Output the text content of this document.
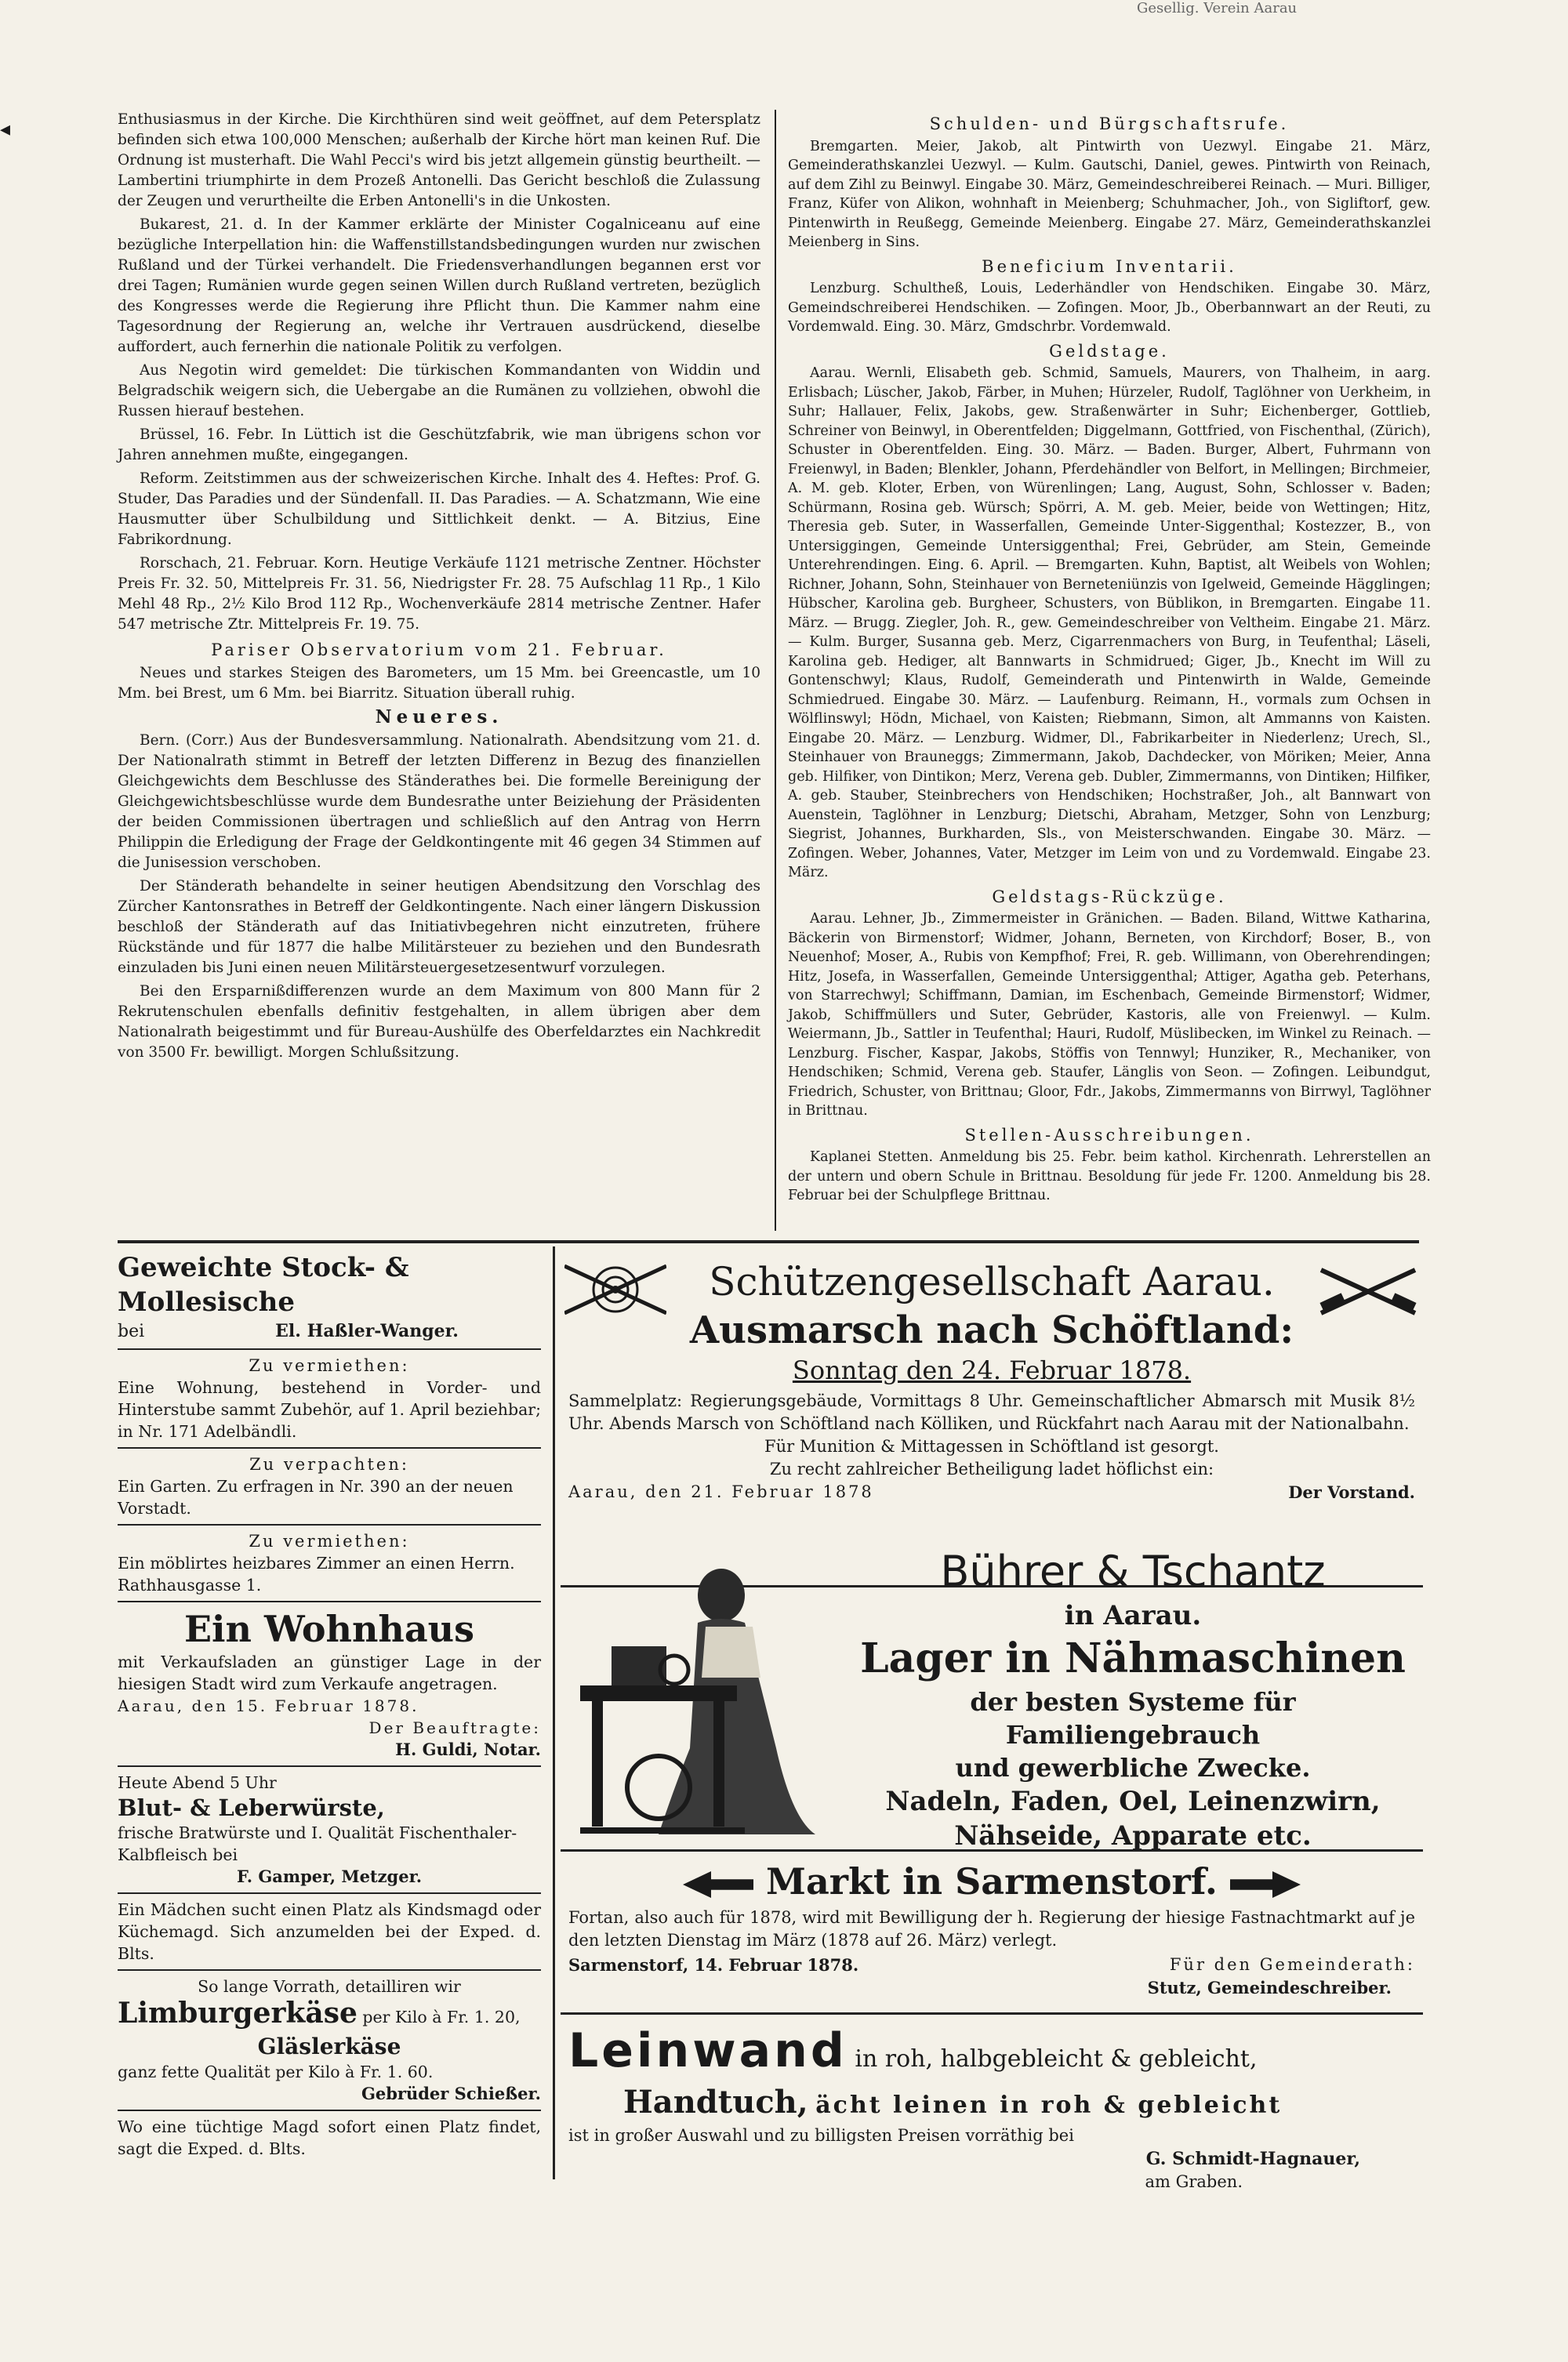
Gesellig. Verein Aarau
◂	Enthusiasmus in der Kirche. Die Kirchthüren sind weit geöffnet, auf dem Petersplatz befinden sich etwa 100,000 Menschen; außerhalb der Kirche hört man keinen Ruf. Die Ordnung ist musterhaft. Die Wahl Pecci's wird bis jetzt allgemein günstig beurtheilt. — Lambertini triumphirte in dem Prozeß Antonelli. Das Gericht beschloß die Zulassung der Zeugen und verurtheilte die Erben Antonelli's in die Unkosten.

Bukarest, 21. d. In der Kammer erklärte der Minister Cogalniceanu auf eine bezügliche Interpellation hin: die Waffenstillstandsbedingungen wurden nur zwischen Rußland und der Türkei verhandelt. Die Friedensverhandlungen begannen erst vor drei Tagen; Rumänien wurde gegen seinen Willen durch Rußland vertreten, bezüglich des Kongresses werde die Regierung ihre Pflicht thun. Die Kammer nahm eine Tagesordnung der Regierung an, welche ihr Vertrauen ausdrückend, dieselbe auffordert, auch fernerhin die nationale Politik zu verfolgen.

Aus Negotin wird gemeldet: Die türkischen Kommandanten von Widdin und Belgradschik weigern sich, die Uebergabe an die Rumänen zu vollziehen, obwohl die Russen hierauf bestehen.

Brüssel, 16. Febr. In Lüttich ist die Geschützfabrik, wie man übrigens schon vor Jahren annehmen mußte, eingegangen.

Reform. Zeitstimmen aus der schweizerischen Kirche. Inhalt des 4. Heftes: Prof. G. Studer, Das Paradies und der Sündenfall. II. Das Paradies. — A. Schatzmann, Wie eine Hausmutter über Schulbildung und Sittlichkeit denkt. — A. Bitzius, Eine Fabrikordnung.

Rorschach, 21. Februar. Korn. Heutige Verkäufe 1121 metrische Zentner. Höchster Preis Fr. 32. 50, Mittelpreis Fr. 31. 56, Niedrigster Fr. 28. 75 Aufschlag 11 Rp., 1 Kilo Mehl 48 Rp., 2½ Kilo Brod 112 Rp., Wochenverkäufe 2814 metrische Zentner. Hafer 547 metrische Ztr. Mittelpreis Fr. 19. 75.

Pariser Observatorium vom 21. Februar.

Neues und starkes Steigen des Barometers, um 15 Mm. bei Greencastle, um 10 Mm. bei Brest, um 6 Mm. bei Biarritz. Situation überall ruhig.

Neueres.

Bern. (Corr.) Aus der Bundesversammlung. Nationalrath. Abendsitzung vom 21. d. Der Nationalrath stimmt in Betreff der letzten Differenz in Bezug des finanziellen Gleichgewichts dem Beschlusse des Ständerathes bei. Die formelle Bereinigung der Gleichgewichtsbeschlüsse wurde dem Bundesrathe unter Beiziehung der Präsidenten der beiden Commissionen übertragen und schließlich auf den Antrag von Herrn Philippin die Erledigung der Frage der Geldkontingente mit 46 gegen 34 Stimmen auf die Junisession verschoben.

Der Ständerath behandelte in seiner heutigen Abendsitzung den Vorschlag des Zürcher Kantonsrathes in Betreff der Geldkontingente. Nach einer längern Diskussion beschloß der Ständerath auf das Initiativbegehren nicht einzutreten, frühere Rückstände und für 1877 die halbe Militärsteuer zu beziehen und den Bundesrath einzuladen bis Juni einen neuen Militärsteuergesetzesentwurf vorzulegen.

Bei den Ersparnißdifferenzen wurde an dem Maximum von 800 Mann für 2 Rekrutenschulen ebenfalls definitiv festgehalten, in allem übrigen aber dem Nationalrath beigestimmt und für Bureau-Aushülfe des Oberfeldarztes ein Nachkredit von 3500 Fr. bewilligt. Morgen Schlußsitzung.

Schulden- und Bürgschaftsrufe.

Bremgarten. Meier, Jakob, alt Pintwirth von Uezwyl. Eingabe 21. März, Gemeinderathskanzlei Uezwyl. — Kulm. Gautschi, Daniel, gewes. Pintwirth von Reinach, auf dem Zihl zu Beinwyl. Eingabe 30. März, Gemeindeschreiberei Reinach. — Muri. Billiger, Franz, Küfer von Alikon, wohnhaft in Meienberg; Schuhmacher, Joh., von Sigliftorf, gew. Pintenwirth in Reußegg, Gemeinde Meienberg. Eingabe 27. März, Gemeinderathskanzlei Meienberg in Sins.

Beneficium Inventarii.

Lenzburg. Schultheß, Louis, Lederhändler von Hendschiken. Eingabe 30. März, Gemeindschreiberei Hendschiken. — Zofingen. Moor, Jb., Oberbannwart an der Reuti, zu Vordemwald. Eing. 30. März, Gmdschrbr. Vordemwald.

Geldstage.

Aarau. Wernli, Elisabeth geb. Schmid, Samuels, Maurers, von Thalheim, in aarg. Erlisbach; Lüscher, Jakob, Färber, in Muhen; Hürzeler, Rudolf, Taglöhner von Uerkheim, in Suhr; Hallauer, Felix, Jakobs, gew. Straßenwärter in Suhr; Eichenberger, Gottlieb, Schreiner von Beinwyl, in Oberentfelden; Diggelmann, Gottfried, von Fischenthal, (Zürich), Schuster in Oberentfelden. Eing. 30. März. — Baden. Burger, Albert, Fuhrmann von Freienwyl, in Baden; Blenkler, Johann, Pferdehändler von Belfort, in Mellingen; Birchmeier, A. M. geb. Kloter, Erben, von Würenlingen; Lang, August, Sohn, Schlosser v. Baden; Schürmann, Rosina geb. Würsch; Spörri, A. M. geb. Meier, beide von Wettingen; Hitz, Theresia geb. Suter, in Wasserfallen, Gemeinde Unter-Siggenthal; Kostezzer, B., von Untersiggingen, Gemeinde Untersiggenthal; Frei, Gebrüder, am Stein, Gemeinde Unterehrendingen. Eing. 6. April. — Bremgarten. Kuhn, Baptist, alt Weibels von Wohlen; Richner, Johann, Sohn, Steinhauer von Berneteniünzis von Igelweid, Gemeinde Hägglingen; Hübscher, Karolina geb. Burgheer, Schusters, von Büblikon, in Bremgarten. Eingabe 11. März. — Brugg. Ziegler, Joh. R., gew. Gemeindeschreiber von Veltheim. Eingabe 21. März. — Kulm. Burger, Susanna geb. Merz, Cigarrenmachers von Burg, in Teufenthal; Läseli, Karolina geb. Hediger, alt Bannwarts in Schmidrued; Giger, Jb., Knecht im Will zu Gontenschwyl; Klaus, Rudolf, Gemeinderath und Pintenwirth in Walde, Gemeinde Schmiedrued. Eingabe 30. März. — Laufenburg. Reimann, H., vormals zum Ochsen in Wölflinswyl; Hödn, Michael, von Kaisten; Riebmann, Simon, alt Ammanns von Kaisten. Eingabe 20. März. — Lenzburg. Widmer, Dl., Fabrikarbeiter in Niederlenz; Urech, Sl., Steinhauer von Brauneggs; Zimmermann, Jakob, Dachdecker, von Möriken; Meier, Anna geb. Hilfiker, von Dintikon; Merz, Verena geb. Dubler, Zimmermanns, von Dintiken; Hilfiker, A. geb. Stauber, Steinbrechers von Hendschiken; Hochstraßer, Joh., alt Bannwart von Auenstein, Taglöhner in Lenzburg; Dietschi, Abraham, Metzger, Sohn von Lenzburg; Siegrist, Johannes, Burkharden, Sls., von Meisterschwanden. Eingabe 30. März. — Zofingen. Weber, Johannes, Vater, Metzger im Leim von und zu Vordemwald. Eingabe 23. März.

Geldstags-Rückzüge.

Aarau. Lehner, Jb., Zimmermeister in Gränichen. — Baden. Biland, Wittwe Katharina, Bäckerin von Birmenstorf; Widmer, Johann, Berneten, von Kirchdorf; Boser, B., von Neuenhof; Moser, A., Rubis von Kempfhof; Frei, R. geb. Willimann, von Oberehrendingen; Hitz, Josefa, in Wasserfallen, Gemeinde Untersiggenthal; Attiger, Agatha geb. Peterhans, von Starrechwyl; Schiffmann, Damian, im Eschenbach, Gemeinde Birmenstorf; Widmer, Jakob, Schiffmüllers und Suter, Gebrüder, Kastoris, alle von Freienwyl. — Kulm. Weiermann, Jb., Sattler in Teufenthal; Hauri, Rudolf, Müslibecken, im Winkel zu Reinach. — Lenzburg. Fischer, Kaspar, Jakobs, Stöffis von Tennwyl; Hunziker, R., Mechaniker, von Hendschiken; Schmid, Verena geb. Staufer, Länglis von Seon. — Zofingen. Leibundgut, Friedrich, Schuster, von Brittnau; Gloor, Fdr., Jakobs, Zimmermanns von Birrwyl, Taglöhner in Brittnau.

Stellen-Ausschreibungen.

Kaplanei Stetten. Anmeldung bis 25. Febr. beim kathol. Kirchenrath. Lehrerstellen an der untern und obern Schule in Brittnau. Besoldung für jede Fr. 1200. Anmeldung bis 28. Februar bei der Schulpflege Brittnau.

Geweichte Stock- & Mollesische
bei	El. Haßler-Wanger.
Zu vermiethen:
Eine Wohnung, bestehend in Vorder- und Hinterstube sammt Zubehör, auf 1. April beziehbar; in Nr. 171 Adelbändli.
Zu verpachten:
Ein Garten. Zu erfragen in Nr. 390 an der neuen Vorstadt.
Zu vermiethen:
Ein möblirtes heizbares Zimmer an einen Herrn. Rathhausgasse 1.
Ein Wohnhaus
mit Verkaufsladen an günstiger Lage in der hiesigen Stadt wird zum Verkaufe angetragen.
Aarau, den 15. Februar 1878.
Der Beauftragte:
H. Guldi, Notar.
Heute Abend 5 Uhr
Blut- & Leberwürste,
frische Bratwürste und I. Qualität Fischenthaler-Kalbfleisch bei
F. Gamper, Metzger.
Ein Mädchen sucht einen Platz als Kindsmagd oder Küchemagd. Sich anzumelden bei der Exped. d. Blts.
So lange Vorrath, detailliren wir
Limburgerkäse per Kilo à Fr. 1. 20,
Gläslerkäse
ganz fette Qualität per Kilo à Fr. 1. 60.
Gebrüder Schießer.
Wo eine tüchtige Magd sofort einen Platz findet, sagt die Exped. d. Blts.
Schützengesellschaft Aarau.
Ausmarsch nach Schöftland:
Sonntag den 24. Februar 1878.
Sammelplatz: Regierungsgebäude, Vormittags 8 Uhr. Gemeinschaftlicher Abmarsch mit Musik 8½ Uhr. Abends Marsch von Schöftland nach Kölliken, und Rückfahrt nach Aarau mit der Nationalbahn.
Für Munition & Mittagessen in Schöftland ist gesorgt.
Zu recht zahlreicher Betheiligung ladet höflichst ein:
Aarau, den 21. Februar 1878	Der Vorstand.
Bührer & Tschantz
in Aarau.
Lager in Nähmaschinen
der besten Systeme für Familiengebrauch
und gewerbliche Zwecke.
Nadeln, Faden, Oel, Leinenzwirn,
Nähseide, Apparate etc.
Markt in Sarmenstorf.
Fortan, also auch für 1878, wird mit Bewilligung der h. Regierung der hiesige Fastnachtmarkt auf je den letzten Dienstag im März (1878 auf 26. März) verlegt.
Sarmenstorf, 14. Februar 1878.	Für den Gemeinderath:
Stutz, Gemeindeschreiber.
Leinwand in roh, halbgebleicht & gebleicht,
Handtuch, ächt leinen in roh & gebleicht
ist in großer Auswahl und zu billigsten Preisen vorräthig bei
G. Schmidt-Hagnauer,
am Graben.
